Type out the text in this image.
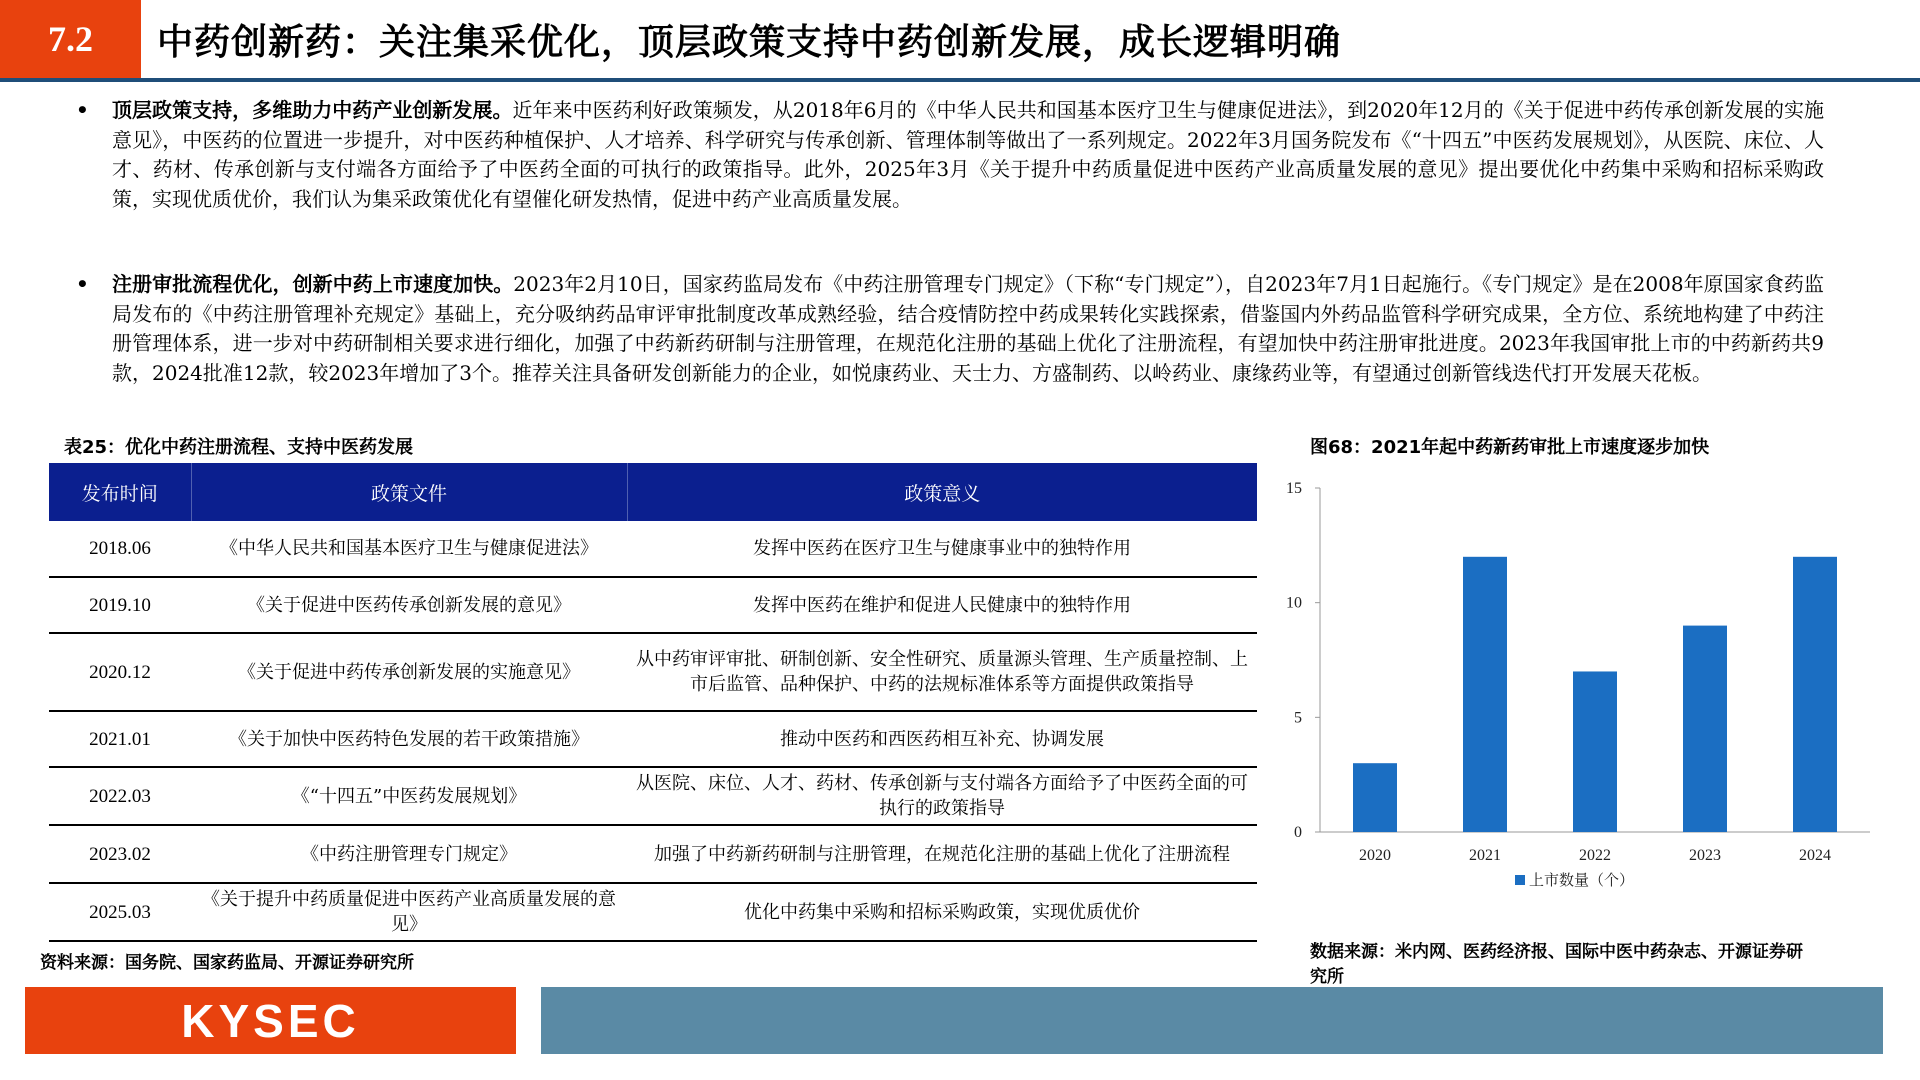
7.2	中药创新药：关注集采优化，顶层政策支持中药创新发展，成长逻辑明确
• 顶层政策支持，多维助力中药产业创新发展。近年来中医药利好政策频发，从2018年6月的《中华人民共和国基本医疗卫生与健康促进法》，到2020年12月的《关于促进中药传承创新发展的实施意见》，中医药的位置进一步提升，对中医药种植保护、人才培养、科学研究与传承创新、管理体制等做出了一系列规定。2022年3月国务院发布《“十四五”中医药发展规划》，从医院、床位、人才、药材、传承创新与支付端各方面给予了中医药全面的可执行的政策指导。此外，2025年3月《关于提升中药质量促进中医药产业高质量发展的意见》提出要优化中药集中采购和招标采购政策，实现优质优价，我们认为集采政策优化有望催化研发热情，促进中药产业高质量发展。
• 注册审批流程优化，创新中药上市速度加快。2023年2月10日，国家药监局发布《中药注册管理专门规定》（下称“专门规定”），自2023年7月1日起施行。《专门规定》是在2008年原国家食药监局发布的《中药注册管理补充规定》基础上，充分吸纳药品审评审批制度改革成熟经验，结合疫情防控中药成果转化实践探索，借鉴国内外药品监管科学研究成果，全方位、系统地构建了中药注册管理体系，进一步对中药研制相关要求进行细化，加强了中药新药研制与注册管理，在规范化注册的基础上优化了注册流程，有望加快中药注册审批进度。2023年我国审批上市的中药新药共9款，2024批准12款，较2023年增加了3个。推荐关注具备研发创新能力的企业，如悦康药业、天士力、方盛制药、以岭药业、康缘药业等，有望通过创新管线迭代打开发展天花板。
表25：优化中药注册流程、支持中医药发展
发布时间	政策文件	政策意义
2018.06	《中华人民共和国基本医疗卫生与健康促进法》	发挥中医药在医疗卫生与健康事业中的独特作用
2019.10	《关于促进中医药传承创新发展的意见》	发挥中医药在维护和促进人民健康中的独特作用
2020.12	《关于促进中药传承创新发展的实施意见》	从中药审评审批、研制创新、安全性研究、质量源头管理、生产质量控制、上市后监管、品种保护、中药的法规标准体系等方面提供政策指导
2021.01	《关于加快中医药特色发展的若干政策措施》	推动中医药和西医药相互补充、协调发展
2022.03	《“十四五”中医药发展规划》	从医院、床位、人才、药材、传承创新与支付端各方面给予了中医药全面的可执行的政策指导
2023.02	《中药注册管理专门规定》	加强了中药新药研制与注册管理，在规范化注册的基础上优化了注册流程
2025.03	《关于提升中药质量促进中医药产业高质量发展的意见》	优化中药集中采购和招标采购政策，实现优质优价
资料来源：国务院、国家药监局、开源证券研究所
图68：2021年起中药新药审批上市速度逐步加快
0
5
10
15
2020	2021	2022	2023	2024
上市数量（个）
数据来源：米内网、医药经济报、国际中医中药杂志、开源证券研究所
KYSEC
